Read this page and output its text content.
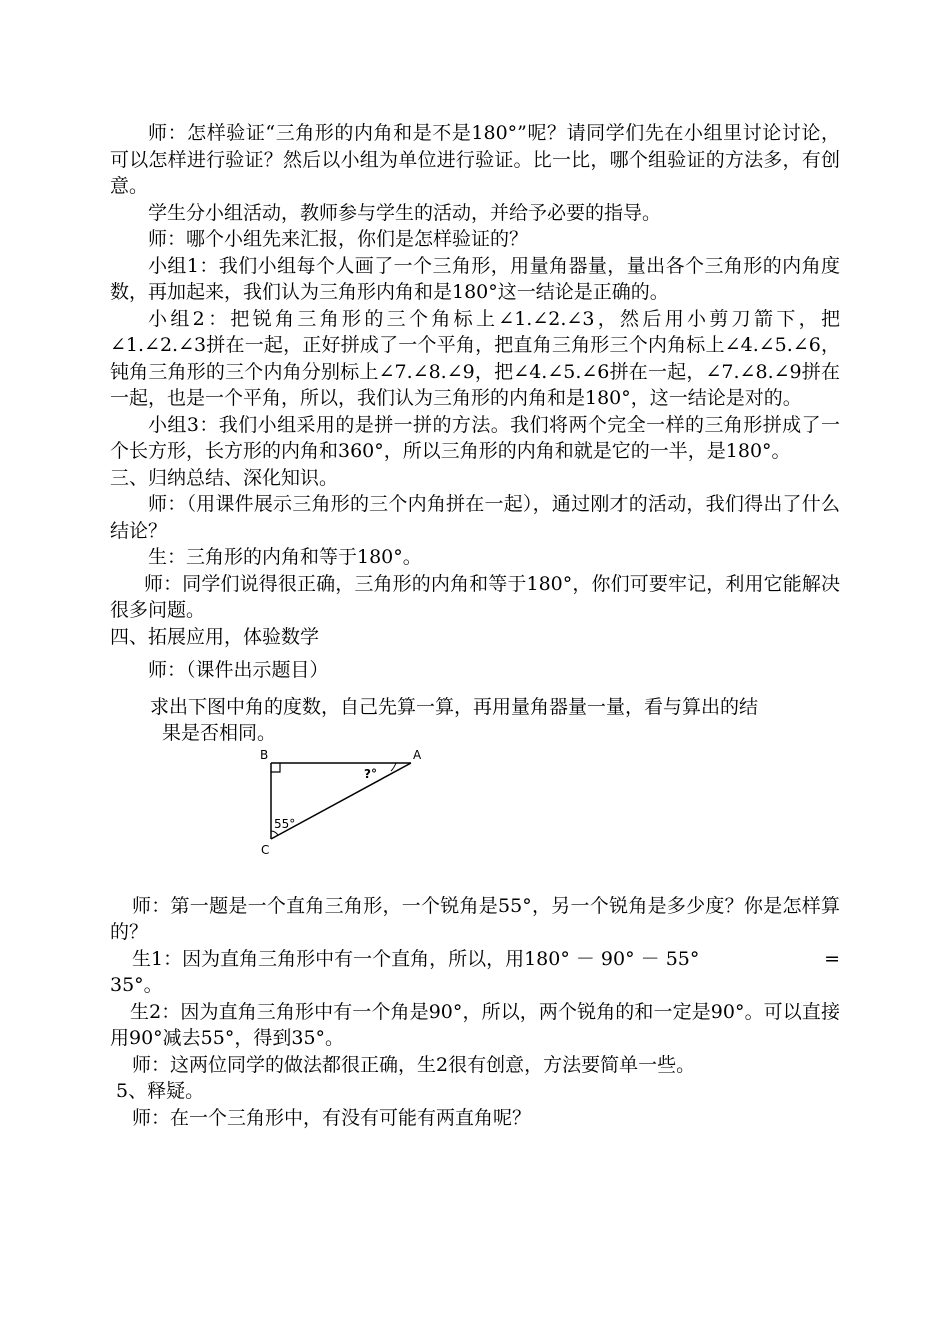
师：怎样验证“三角形的内角和是不是180°”呢？请同学们先在小组里讨论讨论，可以怎样进行验证？然后以小组为单位进行验证。比一比，哪个组验证的方法多，有创意。

学生分小组活动，教师参与学生的活动，并给予必要的指导。

师：哪个小组先来汇报，你们是怎样验证的？

小组1：我们小组每个人画了一个三角形，用量角器量，量出各个三角形的内角度数，再加起来，我们认为三角形内角和是180°这一结论是正确的。

小组2：把锐角三角形的三个角标上∠1.∠2.∠3，然后用小剪刀箭下，把∠1.∠2.∠3拼在一起，正好拼成了一个平角，把直角三角形三个内角标上∠4.∠5.∠6，钝角三角形的三个内角分别标上∠7.∠8.∠9，把∠4.∠5.∠6拼在一起，∠7.∠8.∠9拼在一起，也是一个平角，所以，我们认为三角形的内角和是180°，这一结论是对的。

小组3：我们小组采用的是拼一拼的方法。我们将两个完全一样的三角形拼成了一个长方形，长方形的内角和360°，所以三角形的内角和就是它的一半，是180°。

三、归纳总结、深化知识。

师：（用课件展示三角形的三个内角拼在一起），通过刚才的活动，我们得出了什么结论？

生：三角形的内角和等于180°。

师：同学们说得很正确，三角形的内角和等于180°，你们可要牢记，利用它能解决很多问题。

四、拓展应用，体验数学

师：（课件出示题目）

求出下图中角的度数，自己先算一算，再用量角器量一量，看与算出的结
果是否相同。

B	A
C
?°
55°

师：第一题是一个直角三角形，一个锐角是55°，另一个锐角是多少度？你是怎样算的？

生1：因为直角三角形中有一个直角，所以，用180° － 90° － 55°	=
35°。

生2：因为直角三角形中有一个角是90°，所以，两个锐角的和一定是90°。可以直接用90°减去55°，得到35°。

师：这两位同学的做法都很正确，生2很有创意，方法要简单一些。

5、释疑。

师：在一个三角形中，有没有可能有两直角呢？
